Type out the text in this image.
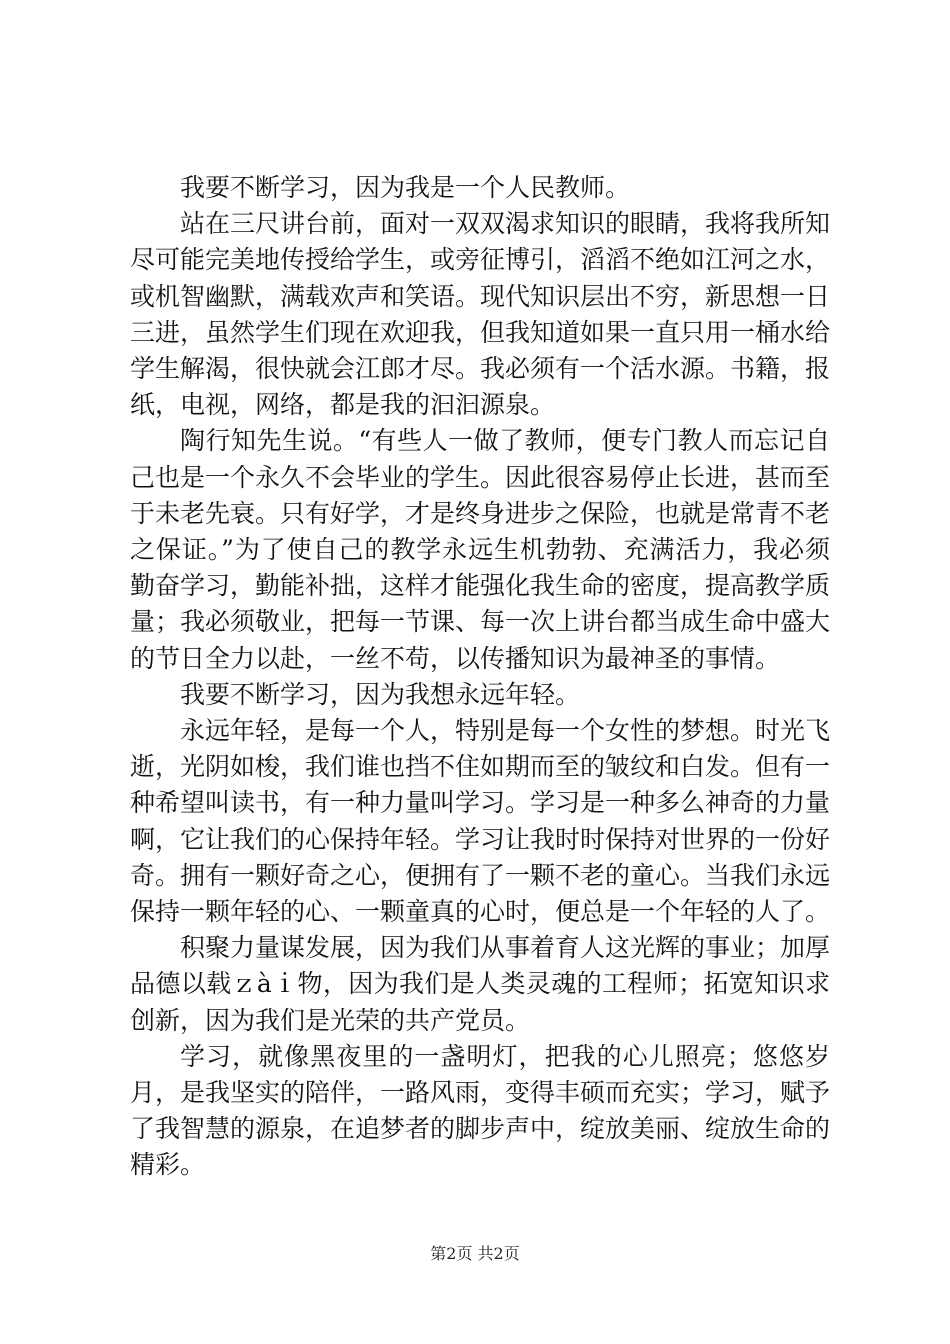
我要不断学习，因为我是一个人民教师。

站在三尺讲台前，面对一双双渴求知识的眼睛，我将我所知尽可能完美地传授给学生，或旁征博引，滔滔不绝如江河之水，或机智幽默，满载欢声和笑语。现代知识层出不穷，新思想一日三进，虽然学生们现在欢迎我，但我知道如果一直只用一桶水给学生解渴，很快就会江郎才尽。我必须有一个活水源。书籍，报纸，电视，网络，都是我的汩汩源泉。

陶行知先生说。“有些人一做了教师，便专门教人而忘记自己也是一个永久不会毕业的学生。因此很容易停止长进，甚而至于未老先衰。只有好学，才是终身进步之保险，也就是常青不老之保证。”为了使自己的教学永远生机勃勃、充满活力，我必须勤奋学习，勤能补拙，这样才能强化我生命的密度，提高教学质量；我必须敬业，把每一节课、每一次上讲台都当成生命中盛大的节日全力以赴，一丝不苟，以传播知识为最神圣的事情。

我要不断学习，因为我想永远年轻。

永远年轻，是每一个人，特别是每一个女性的梦想。时光飞逝，光阴如梭，我们谁也挡不住如期而至的皱纹和白发。但有一种希望叫读书，有一种力量叫学习。学习是一种多么神奇的力量啊，它让我们的心保持年轻。学习让我时时保持对世界的一份好奇。拥有一颗好奇之心，便拥有了一颗不老的童心。当我们永远保持一颗年轻的心、一颗童真的心时，便总是一个年轻的人了。

积聚力量谋发展，因为我们从事着育人这光辉的事业；加厚品德以载ｚàｉ物，因为我们是人类灵魂的工程师；拓宽知识求创新，因为我们是光荣的共产党员。

学习，就像黑夜里的一盏明灯，把我的心儿照亮；悠悠岁月，是我坚实的陪伴，一路风雨，变得丰硕而充实；学习，赋予了我智慧的源泉，在追梦者的脚步声中，绽放美丽、绽放生命的精彩。

第2页 共2页
